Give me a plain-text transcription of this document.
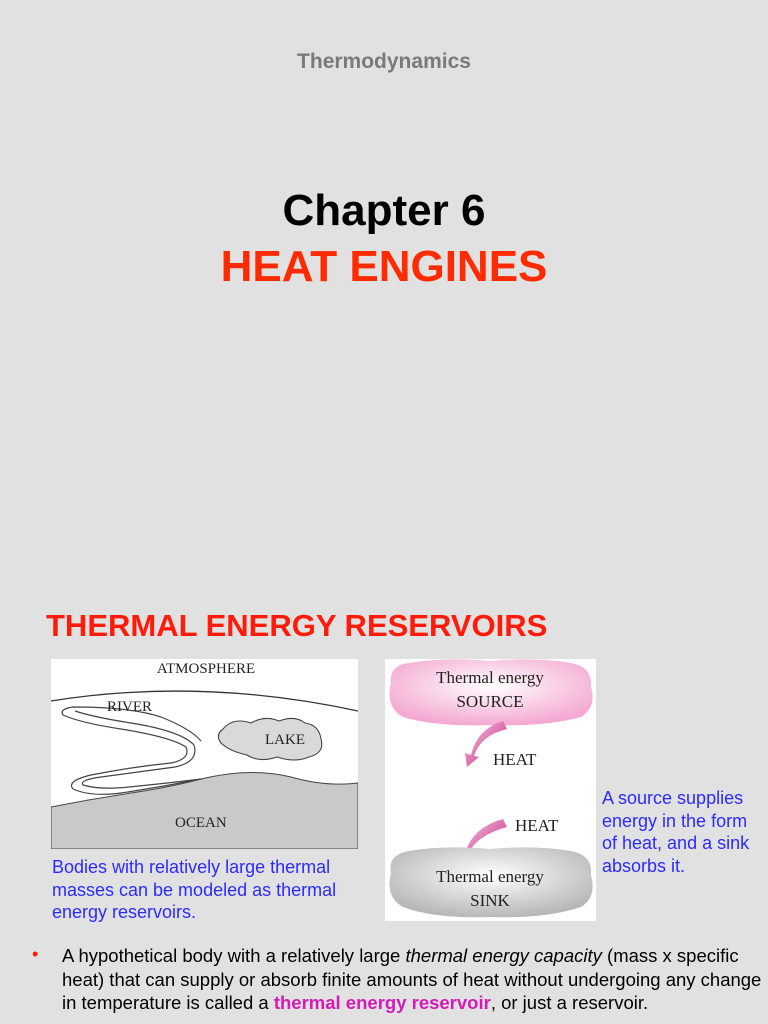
Thermodynamics
Chapter 6
HEAT ENGINES
THERMAL ENERGY RESERVOIRS
ATMOSPHERE
RIVER
LAKE
OCEAN
Bodies with relatively large thermal masses can be modeled as thermal energy reservoirs.
Thermal energy
SOURCE
HEAT
HEAT
Thermal energy
SINK
A source supplies energy in the form of heat, and a sink absorbs it.
• A hypothetical body with a relatively large thermal energy capacity (mass x specific heat) that can supply or absorb finite amounts of heat without undergoing any change in temperature is called a thermal energy reservoir, or just a reservoir.
